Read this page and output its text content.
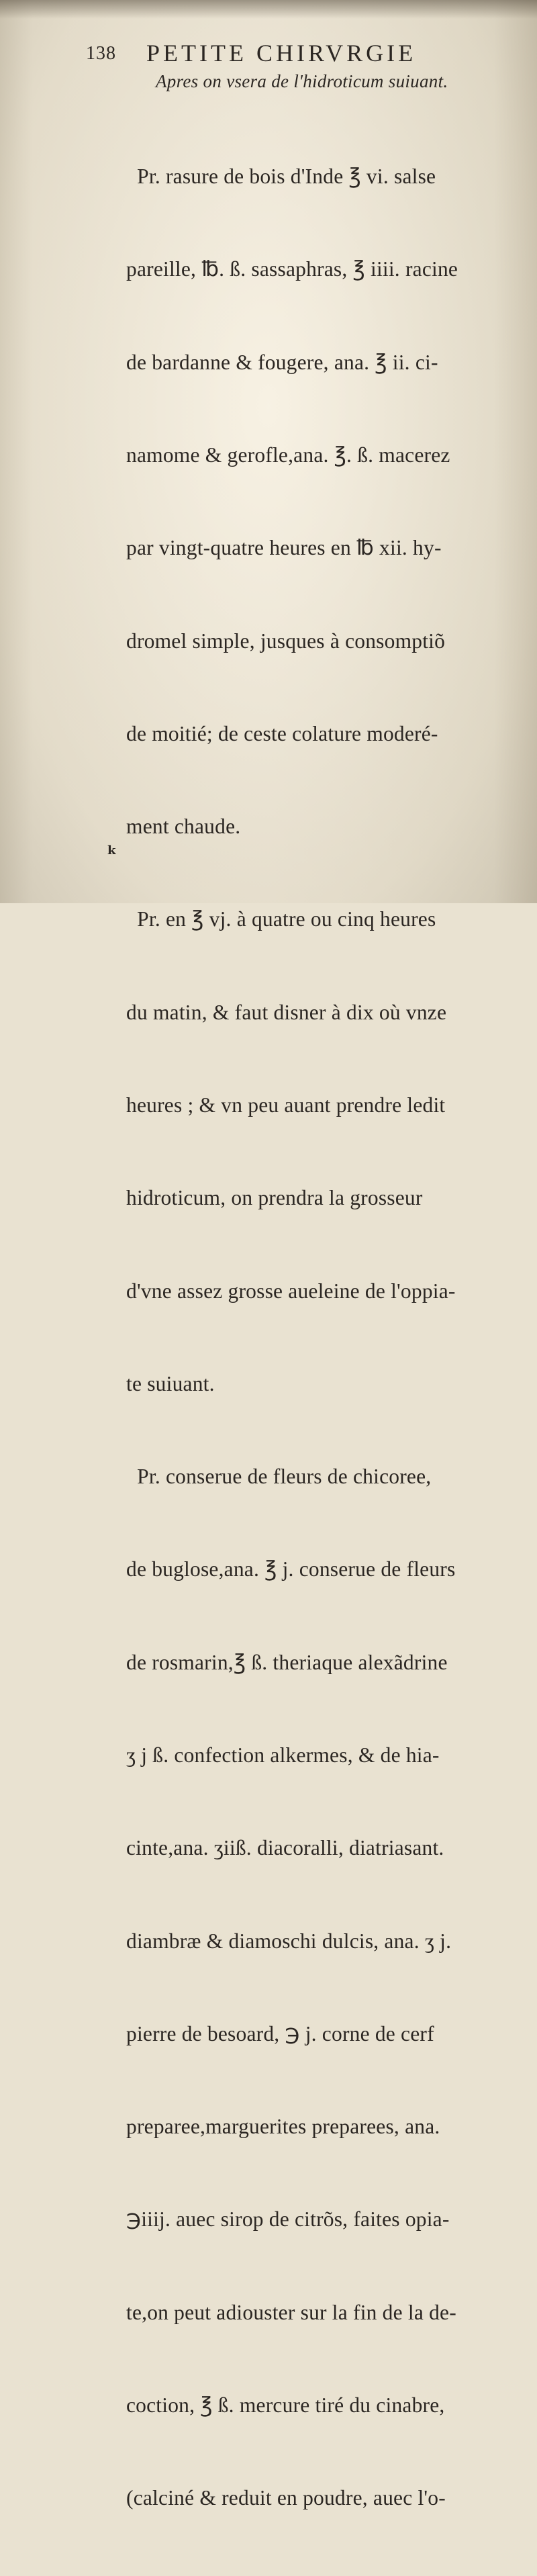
138 PETITE CHIRVRGIE
Apres on vsera de l'hidroticum suiuant.

Pr. rasure de bois d'Inde ℥ vi. salse

pareille, ℔. ß. sassaphras, ℥ iiii. racine

de bardanne & fougere, ana. ℥ ii. ci-

namome & gerofle,ana. ℥. ß. macerez

par vingt-quatre heures en ℔ xii. hy-

dromel simple, jusques à consomptiõ

de moitié; de ceste colature moderé-

ment chaude.

Pr. en ℥ vj. à quatre ou cinq heures

du matin, & faut disner à dix où vnze

heures ; & vn peu auant prendre ledit

hidroticum, on prendra la grosseur

d'vne assez grosse aueleine de l'oppia-

te suiuant.

Pr. conserue de fleurs de chicoree,

de buglose,ana. ℥ j. conserue de fleurs

de rosmarin,℥ ß. theriaque alexãdrine

ʒ j ß. confection alkermes, & de hia-

cinte,ana. ʒiiß. diacoralli, diatriasant.

diambræ & diamoschi dulcis, ana. ʒ j.

pierre de besoard, ℈ j. corne de cerf

preparee,marguerites preparees, ana.

℈iiij. auec sirop de citrõs, faites opia-

te,on peut adiouster sur la fin de la de-

coction, ℥ ß. mercure tiré du cinabre,

(calciné & reduit en poudre, auec l'o-

k
